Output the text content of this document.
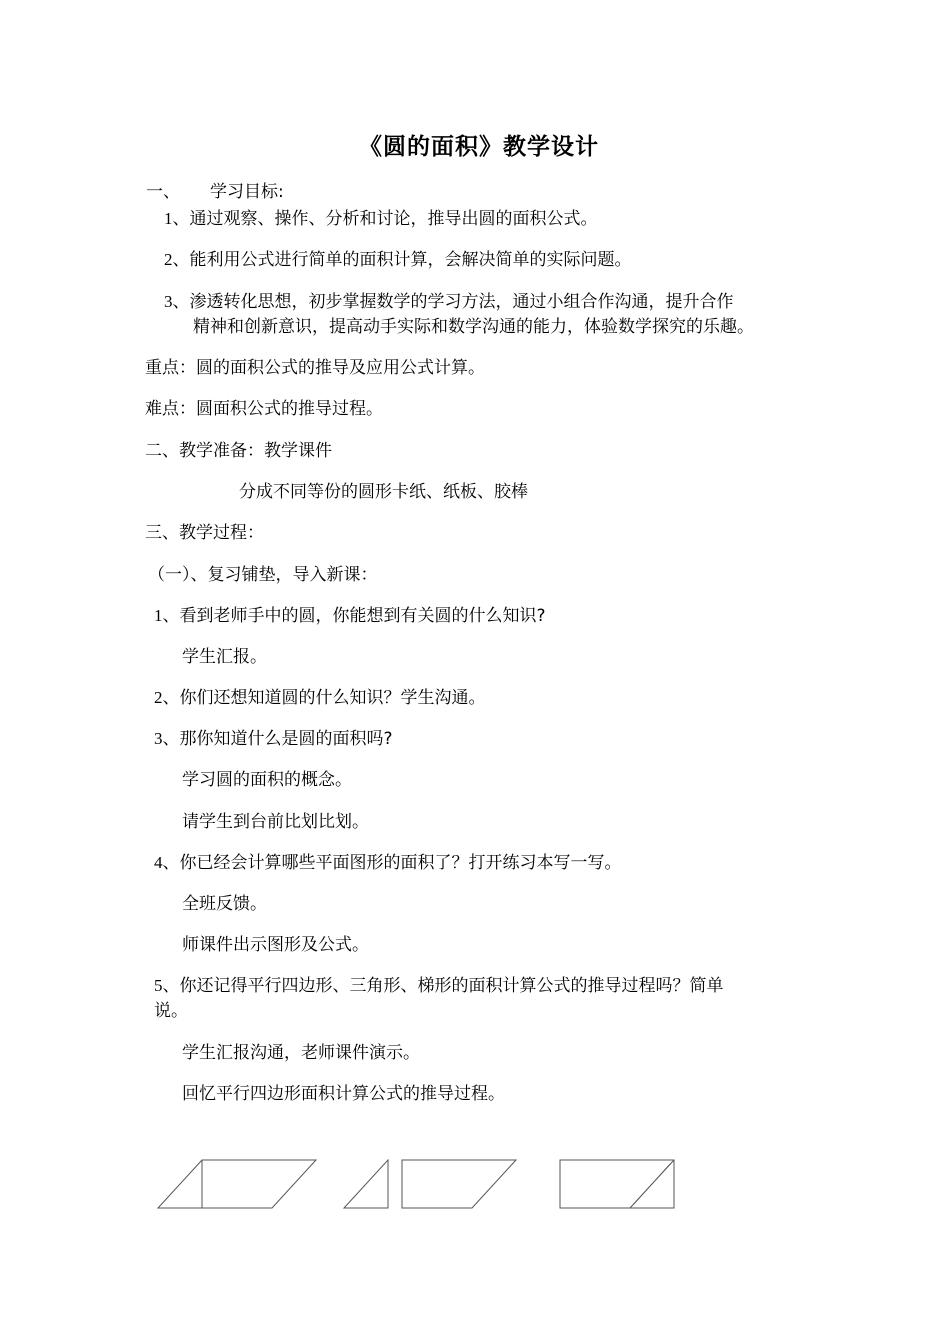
《圆的面积》教学设计
一、 学习目标:
1、通过观察、操作、分析和讨论，推导出圆的面积公式。
2、能利用公式进行简单的面积计算，会解决简单的实际问题。
3、渗透转化思想，初步掌握数学的学习方法，通过小组合作沟通，提升合作
精神和创新意识，提高动手实际和数学沟通的能力，体验数学探究的乐趣。
重点：圆的面积公式的推导及应用公式计算。
难点：圆面积公式的推导过程。
二、教学准备：教学课件
分成不同等份的圆形卡纸、纸板、胶棒
三、教学过程：
（一）、复习铺垫，导入新课：
1、看到老师手中的圆，你能想到有关圆的什么知识?
学生汇报。
2、你们还想知道圆的什么知识？学生沟通。
3、那你知道什么是圆的面积吗?
学习圆的面积的概念。
请学生到台前比划比划。
4、你已经会计算哪些平面图形的面积了？打开练习本写一写。
全班反馈。
师课件出示图形及公式。
5、你还记得平行四边形、三角形、梯形的面积计算公式的推导过程吗？简单
说。
学生汇报沟通，老师课件演示。
回忆平行四边形面积计算公式的推导过程。
